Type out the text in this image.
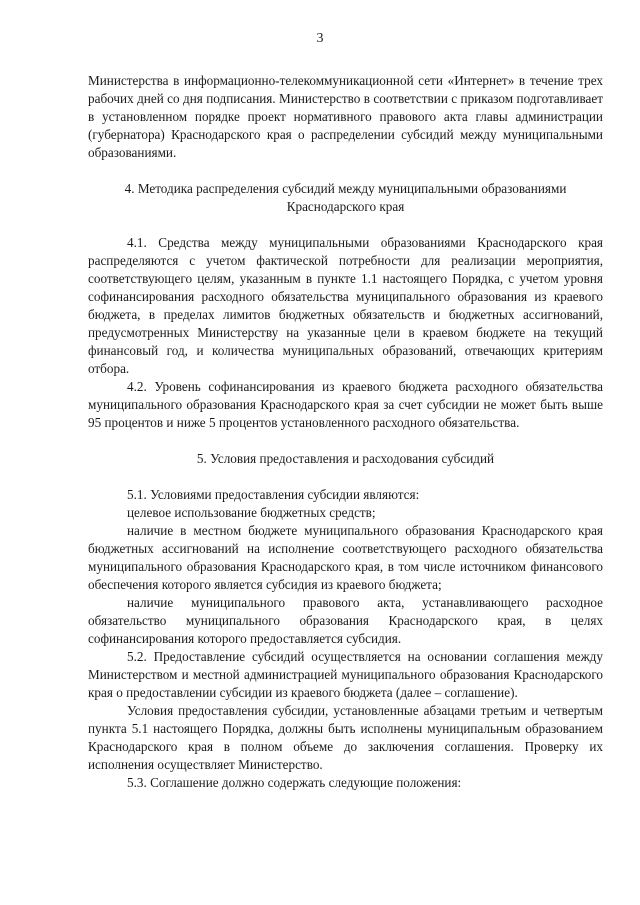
3

Министерства в информационно-телекоммуникационной сети «Интернет» в течение трех рабочих дней со дня подписания. Министерство в соответствии с приказом подготавливает в установленном порядке проект нормативного правового акта главы администрации (губернатора) Краснодарского края о распределении субсидий между муниципальными образованиями.

4. Методика распределения субсидий между муниципальными образованиями Краснодарского края

4.1. Средства между муниципальными образованиями Краснодарского края распределяются с учетом фактической потребности для реализации мероприятия, соответствующего целям, указанным в пункте 1.1 настоящего Порядка, с учетом уровня софинансирования расходного обязательства муниципального образования из краевого бюджета, в пределах лимитов бюджетных обязательств и бюджетных ассигнований, предусмотренных Министерству на указанные цели в краевом бюджете на текущий финансовый год, и количества муниципальных образований, отвечающих критериям отбора.

4.2. Уровень софинансирования из краевого бюджета расходного обязательства муниципального образования Краснодарского края за счет субсидии не может быть выше 95 процентов и ниже 5 процентов установленного расходного обязательства.

5. Условия предоставления и расходования субсидий

5.1. Условиями предоставления субсидии являются:

целевое использование бюджетных средств;

наличие в местном бюджете муниципального образования Краснодарского края бюджетных ассигнований на исполнение соответствующего расходного обязательства муниципального образования Краснодарского края, в том числе источником финансового обеспечения которого является субсидия из краевого бюджета;

наличие муниципального правового акта, устанавливающего расходное обязательство муниципального образования Краснодарского края, в целях софинансирования которого предоставляется субсидия.

5.2. Предоставление субсидий осуществляется на основании соглашения между Министерством и местной администрацией муниципального образования Краснодарского края о предоставлении субсидии из краевого бюджета (далее – соглашение).

Условия предоставления субсидии, установленные абзацами третьим и четвертым пункта 5.1 настоящего Порядка, должны быть исполнены муниципальным образованием Краснодарского края в полном объеме до заключения соглашения. Проверку их исполнения осуществляет Министерство.

5.3. Соглашение должно содержать следующие положения:
